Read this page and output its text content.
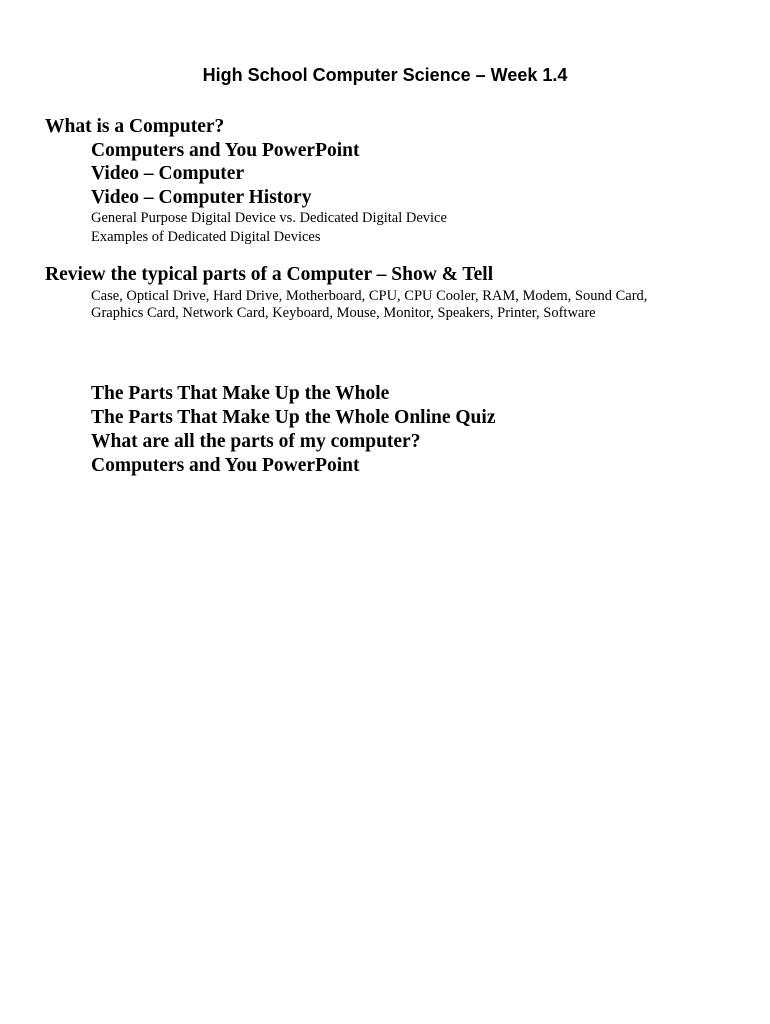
High School Computer Science – Week 1.4
What is a Computer?
Computers and You PowerPoint
Video – Computer
Video – Computer History
General Purpose Digital Device vs. Dedicated Digital Device
Examples of Dedicated Digital Devices
Review the typical parts of a Computer – Show & Tell
Case, Optical Drive, Hard Drive, Motherboard, CPU, CPU Cooler, RAM, Modem, Sound Card,
Graphics Card, Network Card, Keyboard, Mouse, Monitor, Speakers, Printer, Software
The Parts That Make Up the Whole
The Parts That Make Up the Whole Online Quiz
What are all the parts of my computer?
Computers and You PowerPoint
